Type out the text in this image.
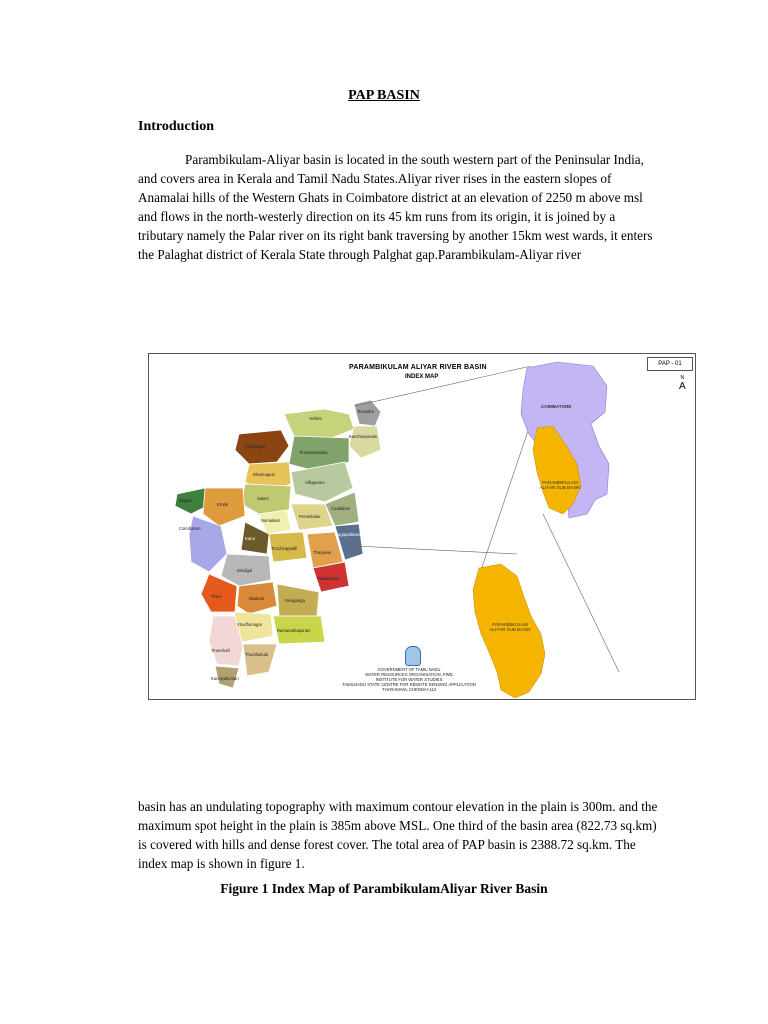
PAP BASIN
Introduction
Parambikulam-Aliyar basin is located in the south western part of the Peninsular India, and covers area in Kerala and Tamil Nadu States.Aliyar river rises in the eastern slopes of Anamalai hills of the Western Ghats in Coimbatore district at an elevation of 2250 m above msl and flows in the north-westerly direction on its 45 km runs from its origin, it is joined by a tributary namely the Palar river on its right bank traversing by another 15km west wards, it enters the Palaghat district of Kerala State through Palghat gap.Parambikulam-Aliyar river
PARAMBIKULAM ALIYAR RIVER BASIN
INDEX MAP
PAP - 01
N
A
Tiruvallur
Vellore
Kancheepuram
Krishnagiri
Tiruvannamalai
Dharmapuri
Villupuram
Salem
Nilgiris
Erode
Namakkal
Cuddalore
Perambalur
Coimbatore
Karur
Tiruchirappalli
Nagapattinam
Thanjavur
Dindigul
Pudukkottai
Theni	Madurai	Sivaganga
Virudhunagar
Ramanathapuram
Tirunelveli
Thoothukudi
Kanniyakumari
COIMBATORE
PARAMBIKULAM ALIYAR SUB BASIN
PARAMBIKULAM ALIYAR SUB BASIN
GOVERNMENT OF TAMIL NADU
WATER RESOURCES ORGANISATION, PWD
INSTITUTE FOR WATER STUDIES
TAMILNADU STATE CENTRE FOR REMOTE SENSING APPLICATION
THARAMANI, CHENNAI-113
basin has an undulating topography with maximum contour elevation in the plain is 300m. and the maximum spot height in the plain is 385m above MSL. One third of the basin area (822.73 sq.km) is covered with hills and dense forest cover. The total area of PAP basin is 2388.72 sq.km. The index map is shown in figure 1.
Figure 1 Index Map of ParambikulamAliyar River Basin
